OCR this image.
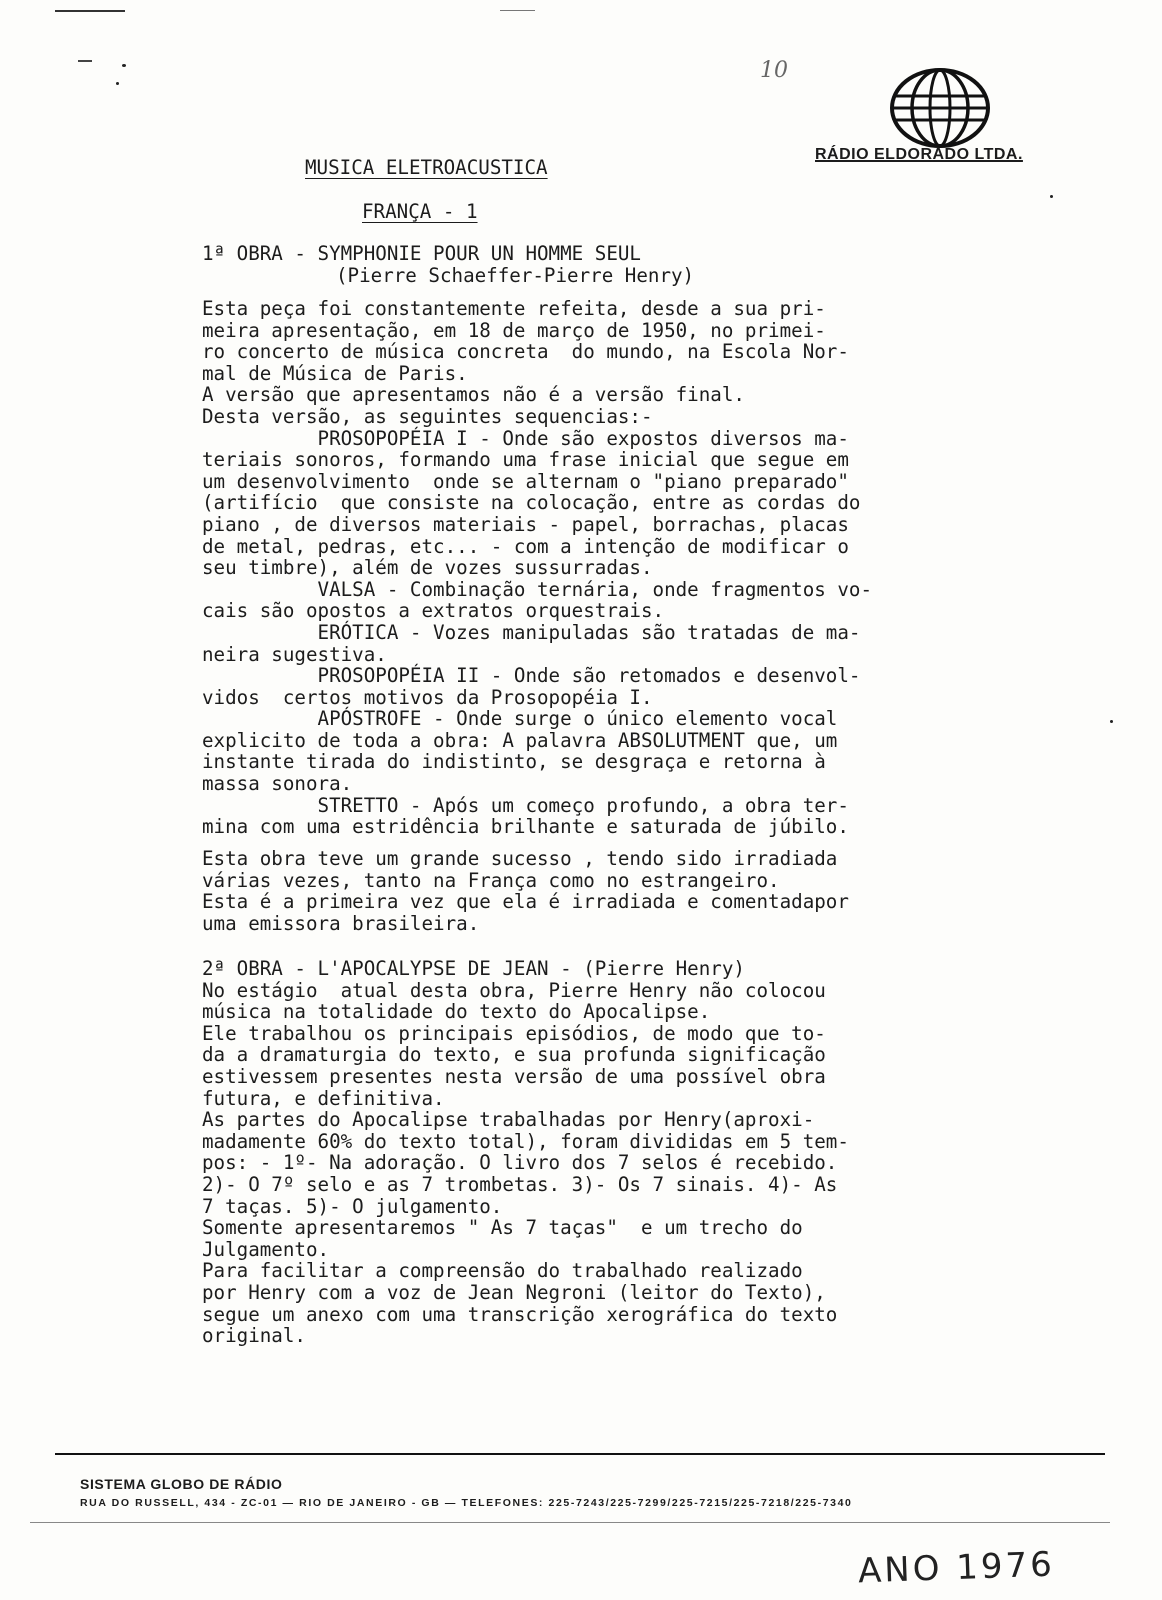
10
RÁDIO ELDORADO LTDA.
MUSICA ELETROACUSTICA
FRANÇA - 1
1ª OBRA - SYMPHONIE POUR UN HOMME SEUL
(Pierre Schaeffer-Pierre Henry)
Esta peça foi constantemente refeita, desde a sua pri-
meira apresentação, em 18 de março de 1950, no primei-
ro concerto de música concreta  do mundo, na Escola Nor-
mal de Música de Paris.
A versão que apresentamos não é a versão final.
Desta versão, as seguintes sequencias:-
PROSOPOPÉIA I - Onde são expostos diversos ma-
teriais sonoros, formando uma frase inicial que segue em
um desenvolvimento  onde se alternam o "piano preparado"
(artifício  que consiste na colocação, entre as cordas do
piano , de diversos materiais - papel, borrachas, placas
de metal, pedras, etc... - com a intenção de modificar o
seu timbre), além de vozes sussurradas.
VALSA - Combinação ternária, onde fragmentos vo-
cais são opostos a extratos orquestrais.
ERÓTICA - Vozes manipuladas são tratadas de ma-
neira sugestiva.
PROSOPOPÉIA II - Onde são retomados e desenvol-
vidos  certos motivos da Prosopopéia I.
APÓSTROFE - Onde surge o único elemento vocal
explicito de toda a obra: A palavra ABSOLUTMENT que, um
instante tirada do indistinto, se desgraça e retorna à
massa sonora.
STRETTO - Após um começo profundo, a obra ter-
mina com uma estridência brilhante e saturada de júbilo.
Esta obra teve um grande sucesso , tendo sido irradiada
várias vezes, tanto na França como no estrangeiro.
Esta é a primeira vez que ela é irradiada e comentadapor
uma emissora brasileira.
2ª OBRA - L'APOCALYPSE DE JEAN - (Pierre Henry)
No estágio  atual desta obra, Pierre Henry não colocou
música na totalidade do texto do Apocalipse.
Ele trabalhou os principais episódios, de modo que to-
da a dramaturgia do texto, e sua profunda significação
estivessem presentes nesta versão de uma possível obra
futura, e definitiva.
As partes do Apocalipse trabalhadas por Henry(aproxi-
madamente 60% do texto total), foram divididas em 5 tem-
pos: - 1º- Na adoração. O livro dos 7 selos é recebido.
2)- O 7º selo e as 7 trombetas. 3)- Os 7 sinais. 4)- As
7 taças. 5)- O julgamento.
Somente apresentaremos " As 7 taças"  e um trecho do
Julgamento.
Para facilitar a compreensão do trabalhado realizado
por Henry com a voz de Jean Negroni (leitor do Texto),
segue um anexo com uma transcrição xerográfica do texto
original.
SISTEMA GLOBO DE RÁDIO
RUA DO RUSSELL, 434 - ZC-01 — RIO DE JANEIRO - GB — TELEFONES: 225-7243/225-7299/225-7215/225-7218/225-7340
ANO 1976
